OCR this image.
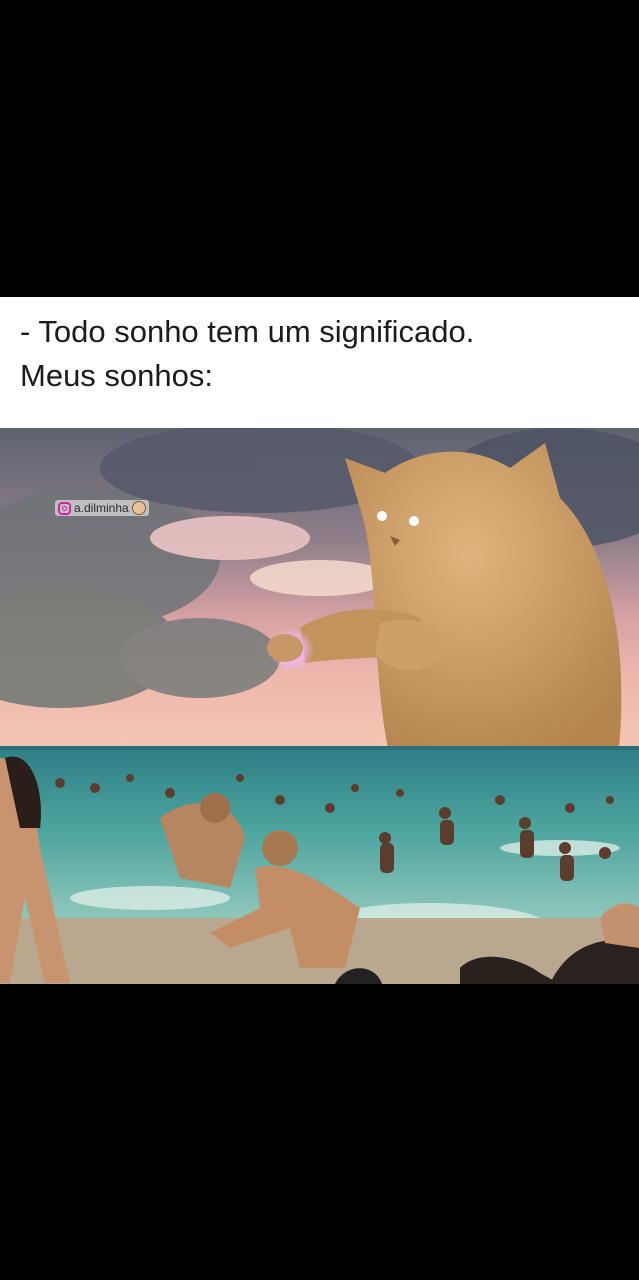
- Todo sonho tem um significado.
Meus sonhos:
a.dilminha
